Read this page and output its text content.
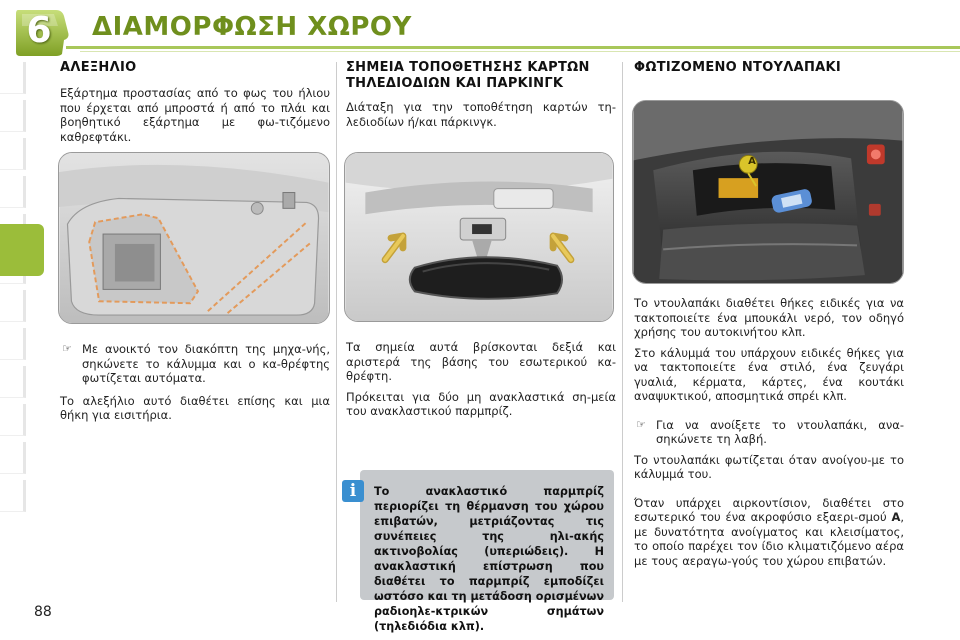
6 ΔΙΑΜΟΡΦΩΣΗ ΧΩΡΟΥ
ΑΛΕΞΗΛΙΟ
Εξάρτημα προστασίας από το φως του ήλιου που έρχεται από μπροστά ή από το πλάι και βοηθητικό εξάρτημα με φω-τιζόμενο καθρεφτάκι.
☞ Με ανοικτό τον διακόπτη της μηχα-νής, σηκώνετε το κάλυμμα και ο κα-θρέφτης φωτίζεται αυτόματα.
Το αλεξήλιο αυτό διαθέτει επίσης και μια θήκη για εισιτήρια.
ΣΗΜΕΙΑ ΤΟΠΟΘΕΤΗΣΗΣ ΚΑΡΤΩΝ ΤΗΛΕΔΙΟΔΙΩΝ ΚΑΙ ΠΑΡΚΙΝΓΚ
Διάταξη για την τοποθέτηση καρτών τη-λεδιοδίων ή/και πάρκινγκ.
Τα σημεία αυτά βρίσκονται δεξιά και αριστερά της βάσης του εσωτερικού κα-θρέφτη.
Πρόκειται για δύο μη ανακλαστικά ση-μεία του ανακλαστικού παρμπρίζ.
Το ανακλαστικό παρμπρίζ περιορίζει τη θέρμανση του χώρου επιβατών, μετριάζοντας τις συνέπειες της ηλι-ακής ακτινοβολίας (υπεριώδεις). Η ανακλαστική επίστρωση που διαθέτει το παρμπρίζ εμποδίζει ωστόσο και τη μετάδοση ορισμένων ραδιοηλε-κτρικών σημάτων (τηλεδιόδια κλπ).
i
ΦΩΤΙΖΟΜΕΝΟ ΝΤΟΥΛΑΠΑΚΙ
A
Το ντουλαπάκι διαθέτει θήκες ειδικές για να τακτοποιείτε ένα μπουκάλι νερό, τον οδηγό χρήσης του αυτοκινήτου κλπ.
Στο κάλυμμά του υπάρχουν ειδικές θήκες για να τακτοποιείτε ένα στιλό, ένα ζευγάρι γυαλιά, κέρματα, κάρτες, ένα κουτάκι αναψυκτικού, αποσμητικά σπρέι κλπ.
☞ Για να ανοίξετε το ντουλαπάκι, ανα-σηκώνετε τη λαβή.
Το ντουλαπάκι φωτίζεται όταν ανοίγου-με το κάλυμμά του.
Όταν υπάρχει αιρκοντίσιον, διαθέτει στο εσωτερικό του ένα ακροφύσιο εξαερι-σμού A, με δυνατότητα ανοίγματος και κλεισίματος, το οποίο παρέχει τον ίδιο κλιματιζόμενο αέρα με τους αεραγω-γούς του χώρου επιβατών.
88
